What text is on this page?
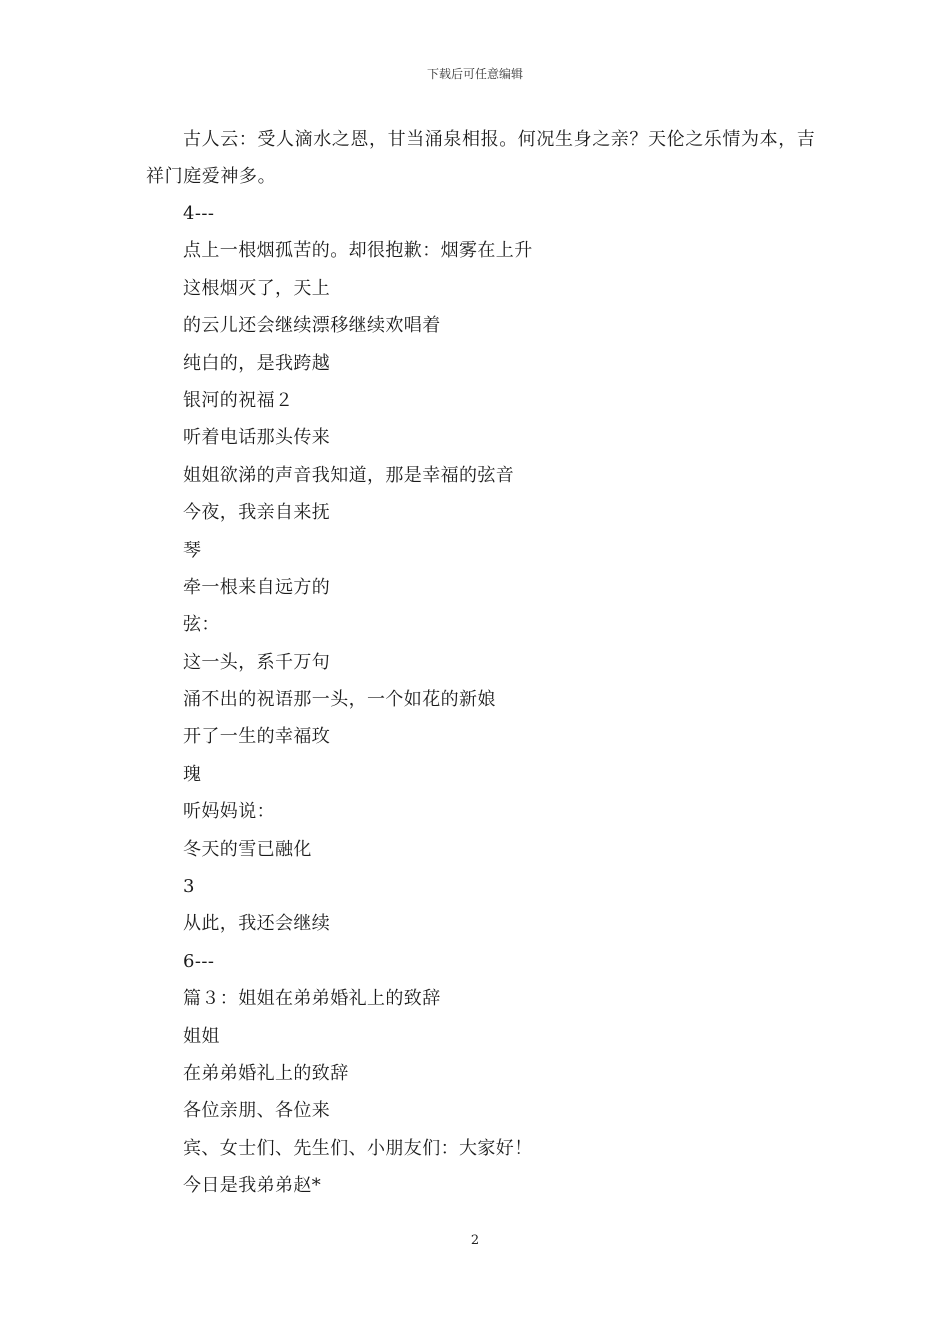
下载后可任意编辑

古人云：受人滴水之恩，甘当涌泉相报。何况生身之亲？天伦之乐情为本，吉祥门庭爱神多。

4---
点上一根烟孤苦的。却很抱歉：烟雾在上升
这根烟灭了，天上
的云儿还会继续漂移继续欢唱着
纯白的，是我跨越
银河的祝福２
听着电话那头传来
姐姐欲涕的声音我知道，那是幸福的弦音
今夜，我亲自来抚
琴
牵一根来自远方的
弦：
这一头，系千万句
涌不出的祝语那一头，一个如花的新娘
开了一生的幸福玫
瑰
听妈妈说：
冬天的雪已融化
3
从此，我还会继续
6---
篇３：姐姐在弟弟婚礼上的致辞
姐姐
在弟弟婚礼上的致辞
各位亲朋、各位来
宾、女士们、先生们、小朋友们：大家好！
今日是我弟弟赵*
2
